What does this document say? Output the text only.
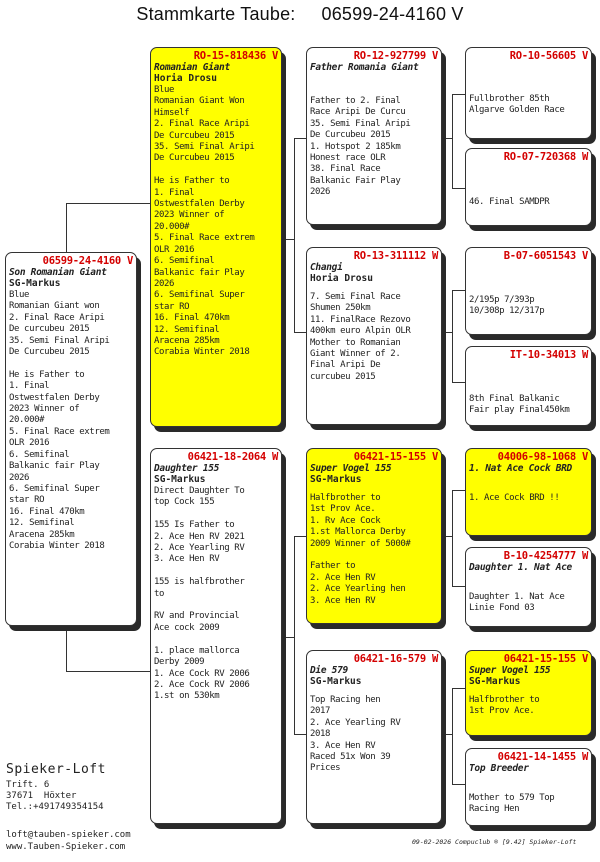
Stammkarte Taube: 06599-24-4160 V
06599-24-4160 V
Son Romanian Giant
SG-Markus
Blue
Romanian Giant won
2. Final Race Aripi
De curcubeu 2015
35. Semi Final Aripi
De Curcubeu 2015

He is Father to
1. Final
Ostwestfalen Derby
2023 Winner of
20.000#
5. Final Race extrem
OLR 2016
6. Semifinal
Balkanic fair Play
2026
6. Semifinal Super
star RO
16. Final 470km
12. Semifinal
Aracena 285km
Corabia Winter 2018
RO-15-818436 V
Romanian Giant
Horia Drosu
Blue
Romanian Giant Won
Himself
2. Final Race Aripi
De Curcubeu 2015
35. Semi Final Aripi
De Curcubeu 2015

He is Father to
1. Final
Ostwestfalen Derby
2023 Winner of
20.000#
5. Final Race extrem
OLR 2016
6. Semifinal
Balkanic fair Play
2026
6. Semifinal Super
star RO
16. Final 470km
12. Semifinal
Aracena 285km
Corabia Winter 2018
06421-18-2064 W
Daughter 155
SG-Markus
Direct Daughter To
top Cock 155

155 Is Father to
2. Ace Hen RV 2021
2. Ace Yearling RV
3. Ace Hen RV

155 is halfbrother
to

RV and Provincial
Ace cock 2009

1. place mallorca
Derby 2009
1. Ace Cock RV 2006
2. Ace Cock RV 2006
1.st on 530km
RO-12-927799 V
Father Romania Giant
Father to 2. Final
Race Aripi De Curcu
35. Semi Final Aripi
De Curcubeu 2015
1. Hotspot 2 185km
Honest race OLR
38. Final Race
Balkanic Fair Play
2026
RO-13-311112 W
Changi
Horia Drosu
7. Semi Final Race
Shumen 250km
11. FinalRace Rezovo
400km euro Alpin OLR
Mother to Romanian
Giant Winner of 2.
Final Aripi De
curcubeu 2015
06421-15-155 V
Super Vogel 155
SG-Markus
Halfbrother to
1st Prov Ace.
1. Rv Ace Cock
1.st Mallorca Derby
2009 Winner of 5000#

Father to
2. Ace Hen RV
2. Ace Yearling hen
3. Ace Hen RV
06421-16-579 W
Die 579
SG-Markus
Top Racing hen
2017
2. Ace Yearling RV
2018
3. Ace Hen RV
Raced 51x Won 39
Prices
RO-10-56605 V
Fullbrother 85th
Algarve Golden Race
RO-07-720368 W
46. Final SAMDPR
B-07-6051543 V
2/195p 7/393p
10/308p 12/317p
IT-10-34013 W
8th Final Balkanic
Fair play Final450km
04006-98-1068 V
1. Nat Ace Cock BRD
1. Ace Cock BRD !!
B-10-4254777 W
Daughter 1. Nat Ace
Daughter 1. Nat Ace
Linie Fond 03
06421-15-155 V
Super Vogel 155
SG-Markus
Halfbrother to
1st Prov Ace.
06421-14-1455 W
Top Breeder
Mother to 579 Top
Racing Hen
Spieker-Loft
Trift. 6
37671  Höxter
Tel.:+491749354154
loft@tauben-spieker.com
www.Tauben-Spieker.com	09-02-2026 Compuclub ® [9.42] Spieker-Loft
